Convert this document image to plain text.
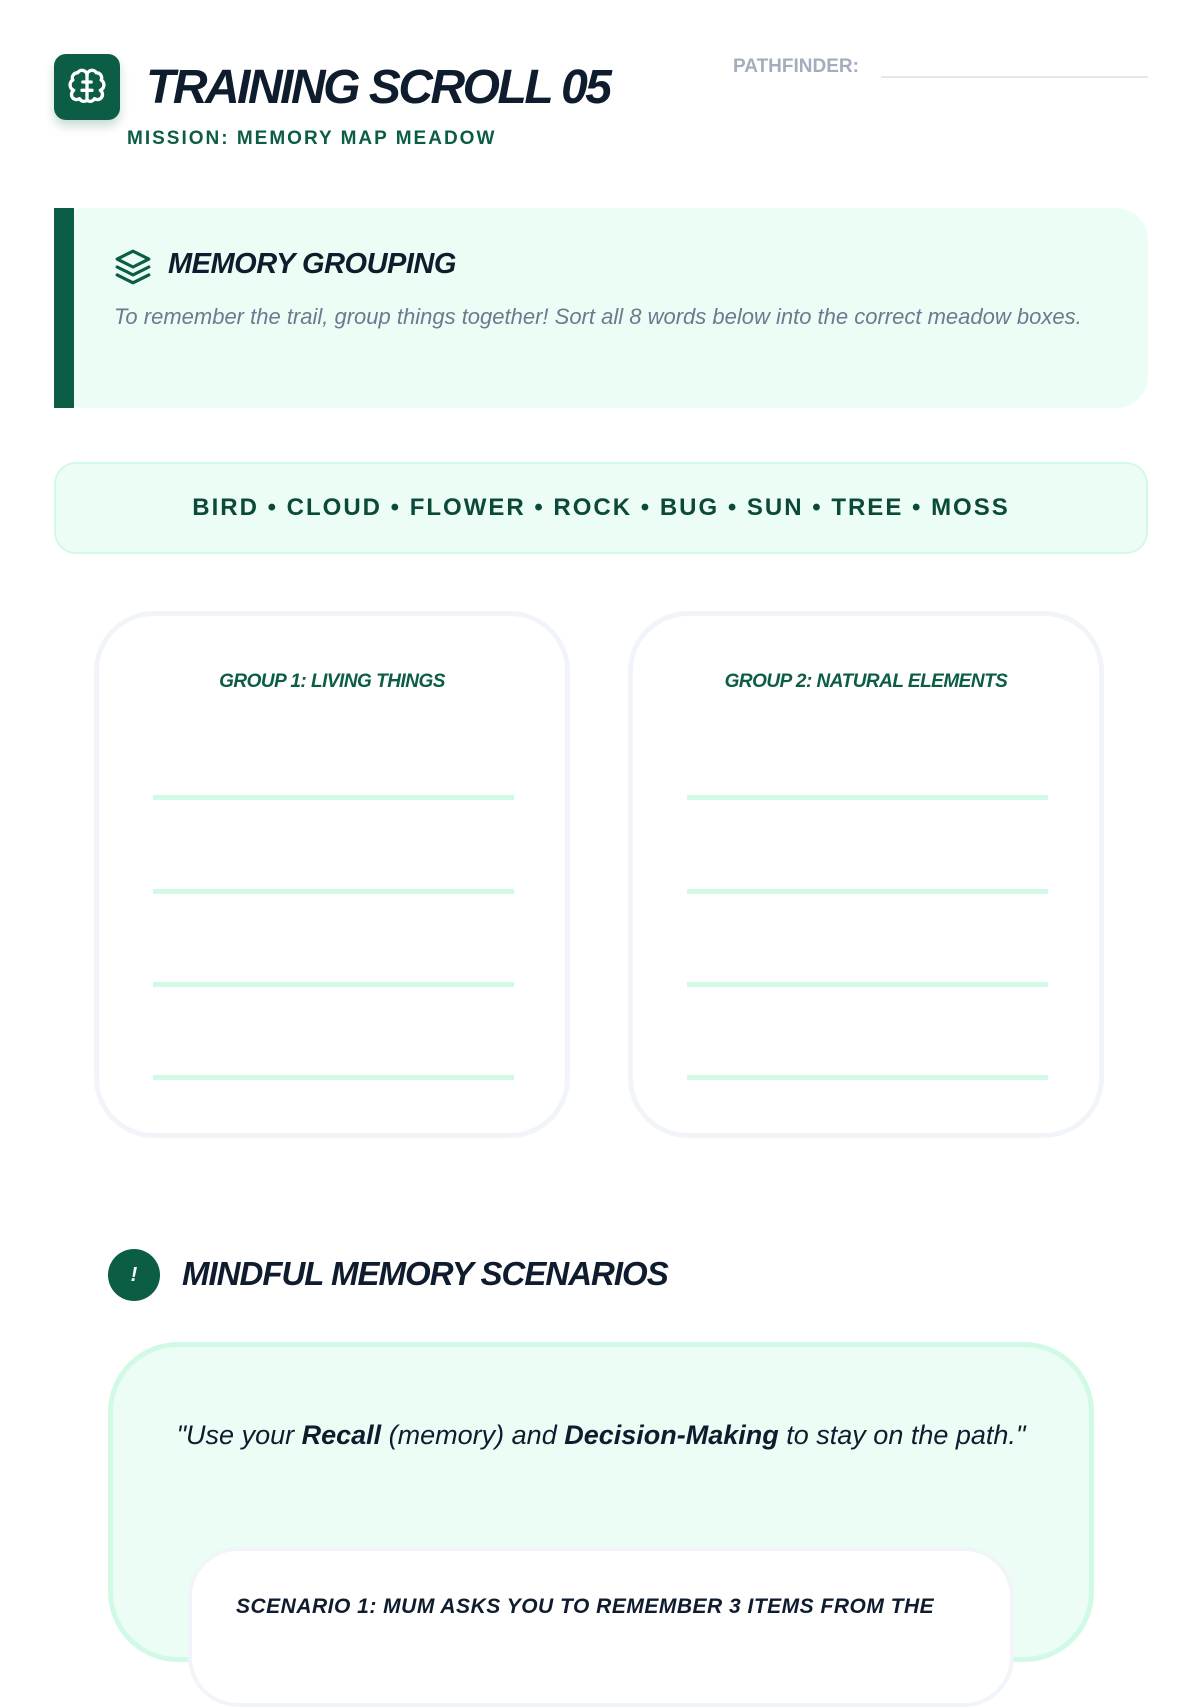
TRAINING SCROLL 05
MISSION: MEMORY MAP MEADOW
PATHFINDER:
MEMORY GROUPING
To remember the trail, group things together! Sort all 8 words below into the correct meadow boxes.
BIRD • CLOUD • FLOWER • ROCK • BUG • SUN • TREE • MOSS
GROUP 1: LIVING THINGS	GROUP 2: NATURAL ELEMENTS
! MINDFUL MEMORY SCENARIOS
"Use your Recall (memory) and Decision-Making to stay on the path."
SCENARIO 1: MUM ASKS YOU TO REMEMBER 3 ITEMS FROM THE
